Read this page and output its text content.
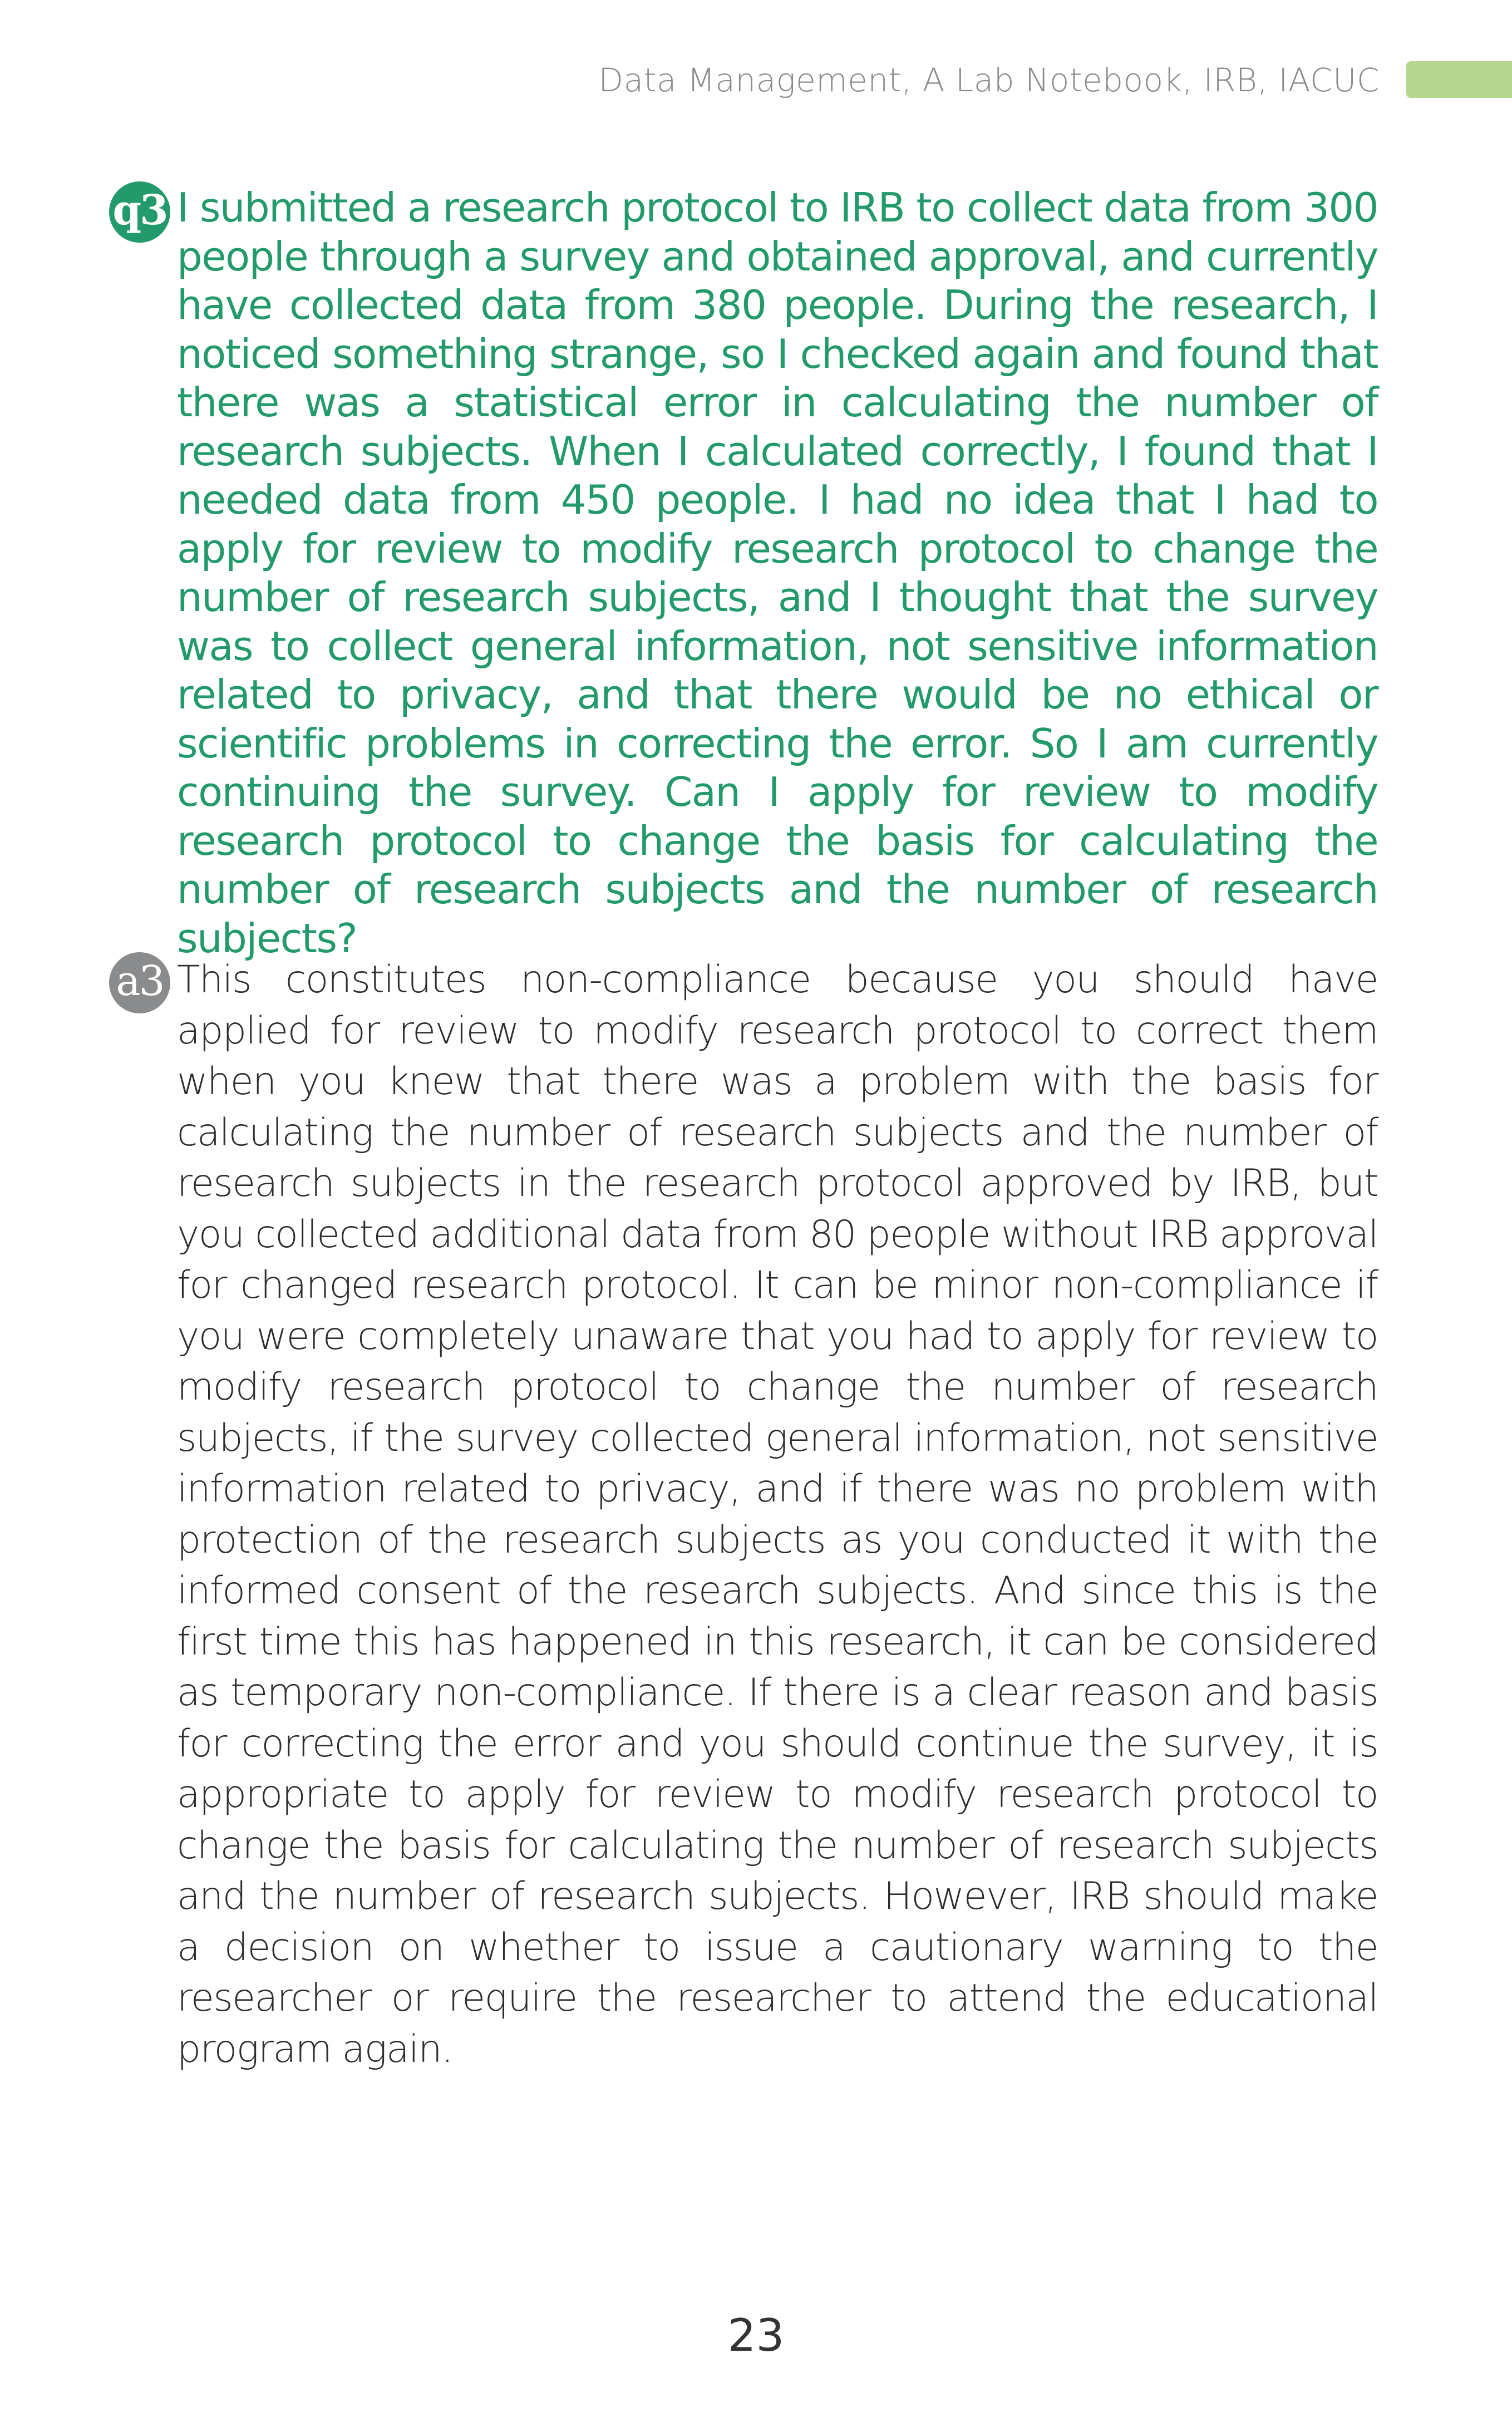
Data Management, A Lab Notebook, IRB, IACUC
q3 I submitted a research protocol to IRB to collect data from 300 people through a survey and obtained approval, and currently have collected data from 380 people. During the research, I noticed something strange, so I checked again and found that there was a statistical error in calculating the number of research subjects. When I calculated correctly, I found that I needed data from 450 people. I had no idea that I had to apply for review to modify research protocol to change the number of research subjects, and I thought that the survey was to collect general information, not sensitive information related to privacy, and that there would be no ethical or scientific problems in correcting the error. So I am currently continuing the survey. Can I apply for review to modify research protocol to change the basis for calculating the number of research subjects and the number of research subjects?

a3 This constitutes non-compliance because you should have applied for review to modify research protocol to correct them when you knew that there was a problem with the basis for calculating the number of research subjects and the number of research subjects in the research protocol approved by IRB, but you collected additional data from 80 people without IRB approval for changed research protocol. It can be minor non-compliance if you were completely unaware that you had to apply for review to modify research protocol to change the number of research subjects, if the survey collected general information, not sensitive information related to privacy, and if there was no problem with protection of the research subjects as you conducted it with the informed consent of the research subjects. And since this is the first time this has happened in this research, it can be considered as temporary non-compliance. If there is a clear reason and basis for correcting the error and you should continue the survey, it is appropriate to apply for review to modify research protocol to change the basis for calculating the number of research subjects and the number of research subjects. However, IRB should make a decision on whether to issue a cautionary warning to the researcher or require the researcher to attend the educational program again.

23
